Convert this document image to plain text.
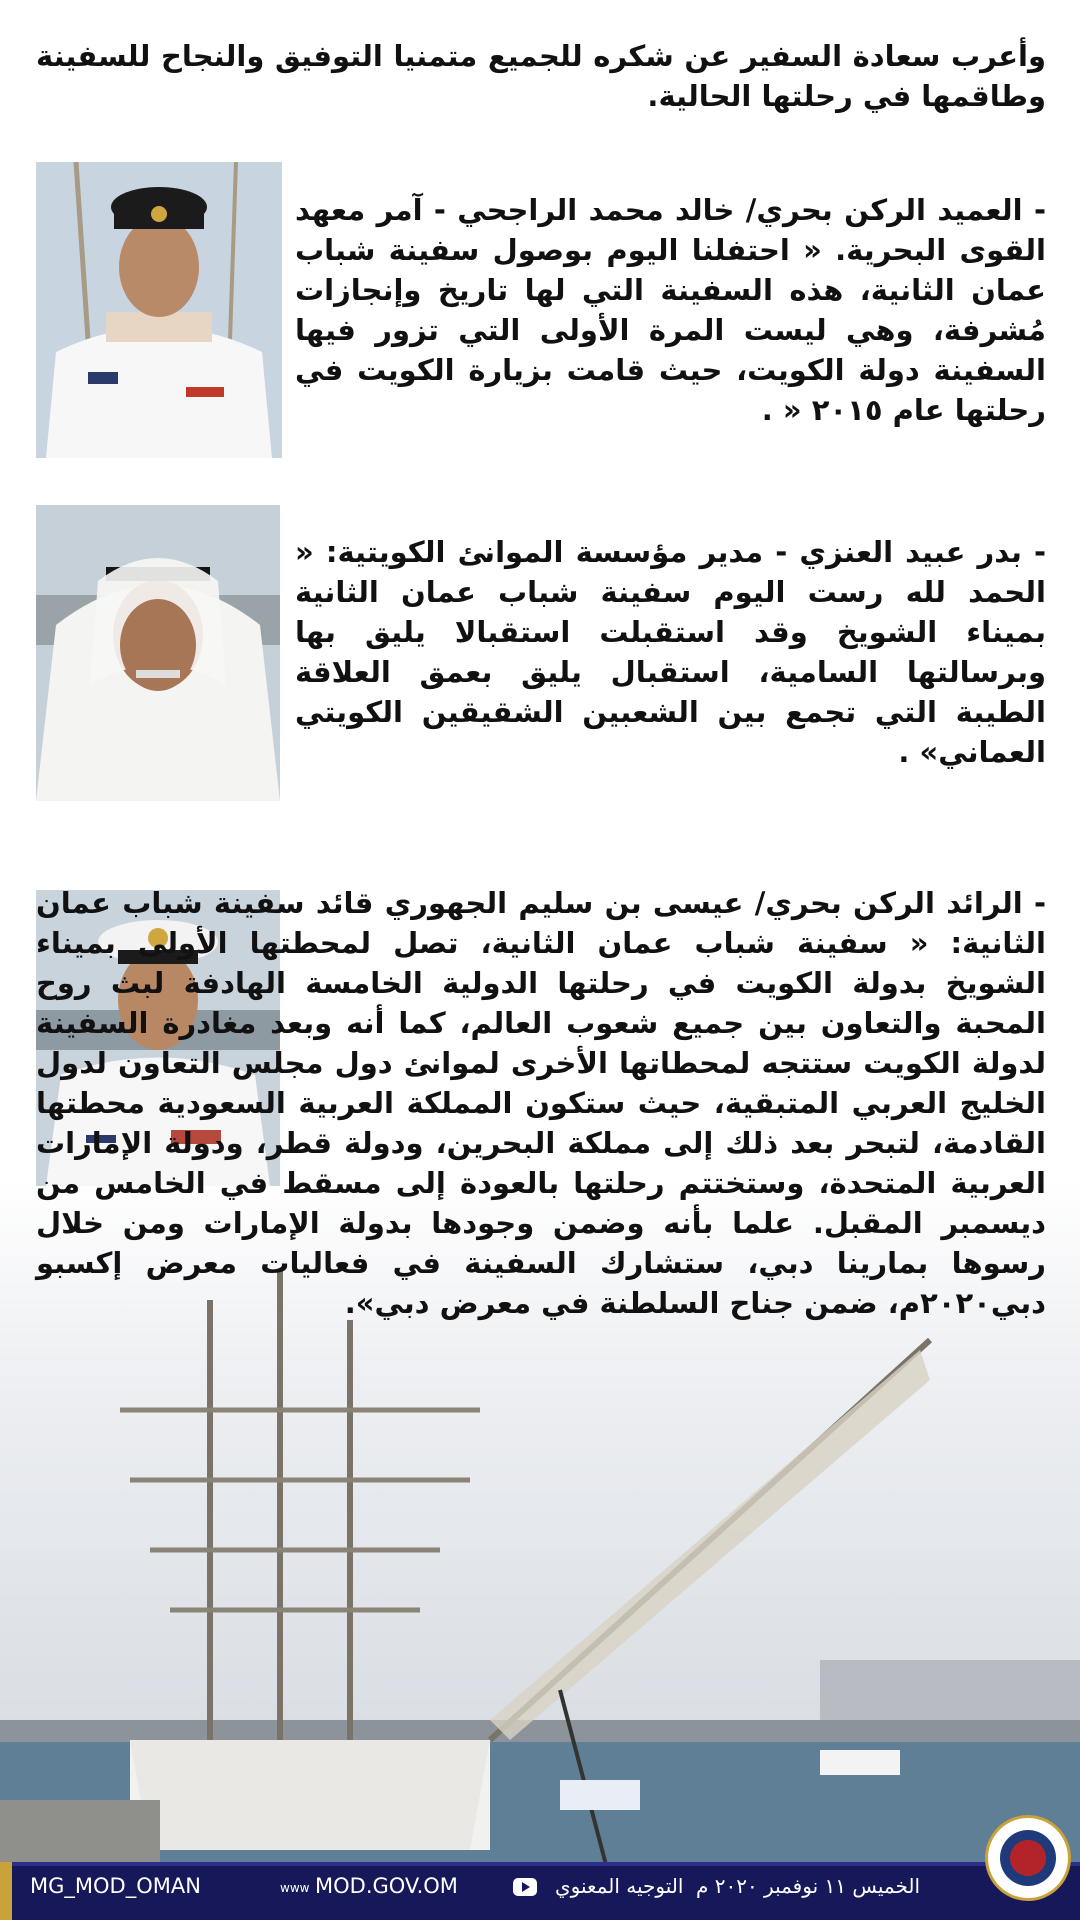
وأعرب سعادة السفير عن شكره للجميع متمنيا التوفيق والنجاح للسفينة وطاقمها في رحلتها الحالية.

- العميد الركن بحري/ خالد محمد الراجحي - آمر معهد القوى البحرية. « احتفلنا اليوم بوصول سفينة شباب عمان الثانية، هذه السفينة التي لها تاريخ وإنجازات مُشرفة، وهي ليست المرة الأولى التي تزور فيها السفينة دولة الكويت، حيث قامت بزيارة الكويت في رحلتها عام ٢٠١٥ « .

- بدر عبيد العنزي - مدير مؤسسة الموانئ الكويتية: « الحمد لله رست اليوم سفينة شباب عمان الثانية بميناء الشويخ وقد استقبلت استقبالا يليق بها وبرسالتها السامية، استقبال يليق بعمق العلاقة الطيبة التي تجمع بين الشعبين الشقيقين الكويتي العماني» .

- الرائد الركن بحري/ عيسى بن سليم الجهوري قائد سفينة شباب عمان الثانية: « سفينة شباب عمان الثانية، تصل لمحطتها الأولى بميناء الشويخ بدولة الكويت في رحلتها الدولية الخامسة الهادفة لبث روح المحبة والتعاون بين جميع شعوب العالم، كما أنه وبعد مغادرة السفينة لدولة الكويت ستتجه لمحطاتها الأخرى لموانئ دول مجلس التعاون لدول الخليج العربي المتبقية، حيث ستكون المملكة العربية السعودية محطتها القادمة، لتبحر بعد ذلك إلى مملكة البحرين، ودولة قطر، ودولة الإمارات العربية المتحدة، وستختتم رحلتها بالعودة إلى مسقط في الخامس من ديسمبر المقبل. علما بأنه وضمن وجودها بدولة الإمارات ومن خلال رسوها بمارينا دبي، ستشارك السفينة في فعاليات معرض إكسبو دبي٢٠٢٠م، ضمن جناح السلطنة في معرض دبي».

الخميس ١١ نوفمبر ٢٠٢٠ م
التوجيه المعنوي
www MOD.GOV.OM
MG_MOD_OMAN
